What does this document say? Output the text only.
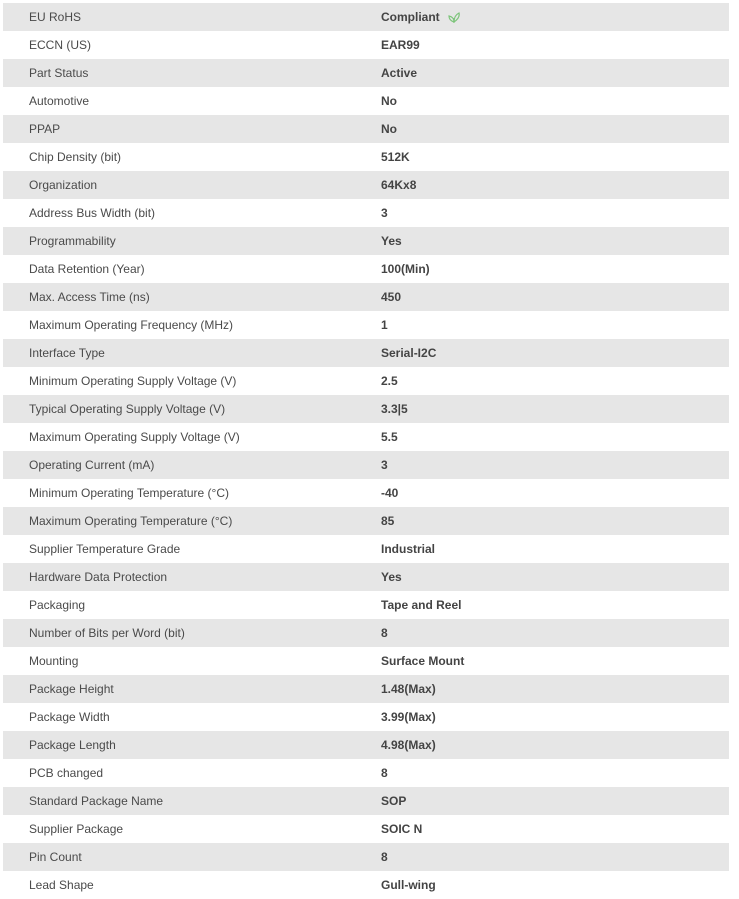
EU RoHS	Compliant
ECCN (US)	EAR99
Part Status	Active
Automotive	No
PPAP	No
Chip Density (bit)	512K
Organization	64Kx8
Address Bus Width (bit)	3
Programmability	Yes
Data Retention (Year)	100(Min)
Max. Access Time (ns)	450
Maximum Operating Frequency (MHz)	1
Interface Type	Serial-I2C
Minimum Operating Supply Voltage (V)	2.5
Typical Operating Supply Voltage (V)	3.3|5
Maximum Operating Supply Voltage (V)	5.5
Operating Current (mA)	3
Minimum Operating Temperature (°C)	-40
Maximum Operating Temperature (°C)	85
Supplier Temperature Grade	Industrial
Hardware Data Protection	Yes
Packaging	Tape and Reel
Number of Bits per Word (bit)	8
Mounting	Surface Mount
Package Height	1.48(Max)
Package Width	3.99(Max)
Package Length	4.98(Max)
PCB changed	8
Standard Package Name	SOP
Supplier Package	SOIC N
Pin Count	8
Lead Shape	Gull-wing
